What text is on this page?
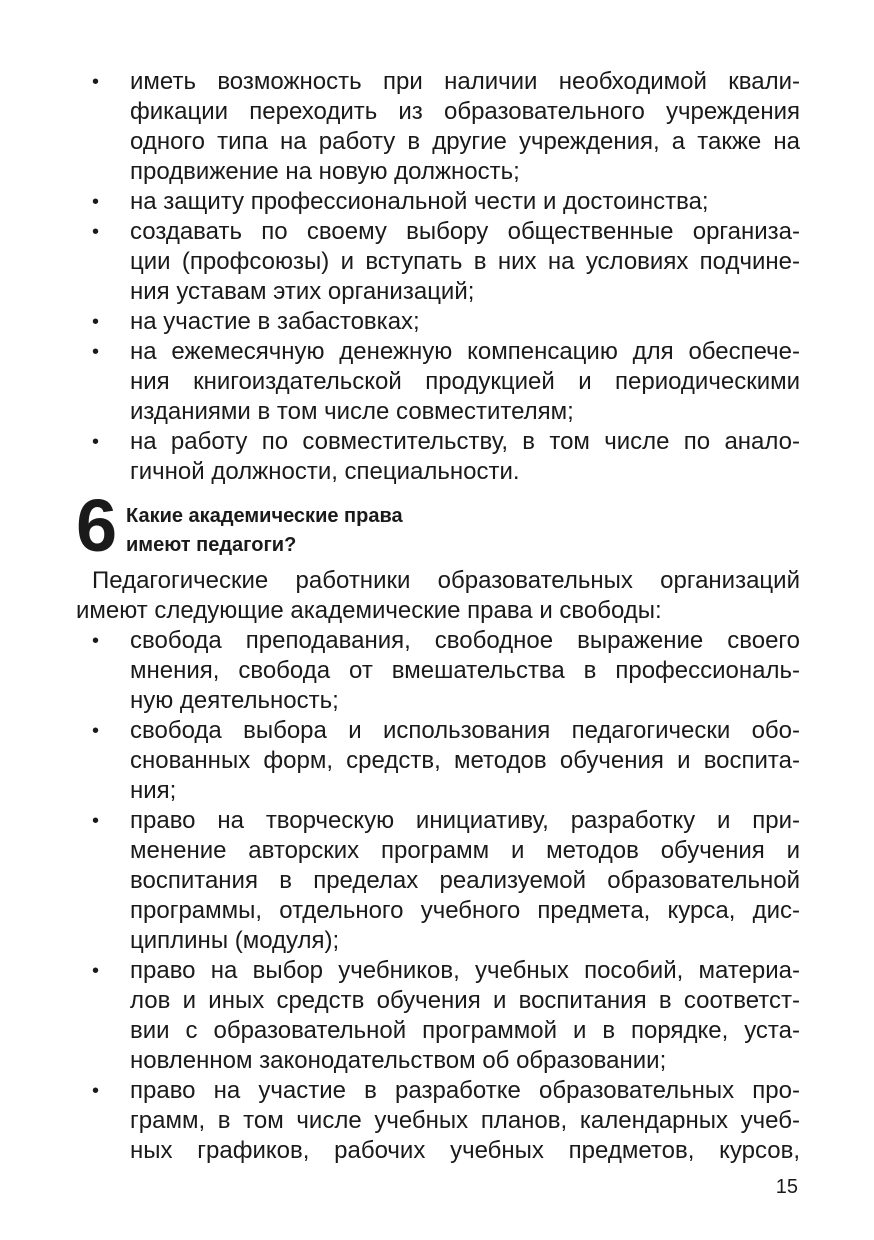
• иметь возможность при наличии необходимой квали-
фикации переходить из образовательного учреждения
одного типа на работу в другие учреждения, а также на
продвижение на новую должность;
• на защиту профессиональной чести и достоинства;
• создавать по своему выбору общественные организа-
ции (профсоюзы) и вступать в них на условиях подчине-
ния уставам этих организаций;
• на участие в забастовках;
• на ежемесячную денежную компенсацию для обеспече-
ния книгоиздательской продукцией и периодическими
изданиями в том числе совместителям;
• на работу по совместительству, в том числе по анало-
гичной должности, специальности.
6 Какие академические права
имеют педагоги?
Педагогические работники образовательных организаций
имеют следующие академические права и свободы:
• свобода преподавания, свободное выражение своего
мнения, свобода от вмешательства в профессиональ-
ную деятельность;
• свобода выбора и использования педагогически обо-
снованных форм, средств, методов обучения и воспита-
ния;
• право на творческую инициативу, разработку и при-
менение авторских программ и методов обучения и
воспитания в пределах реализуемой образовательной
программы, отдельного учебного предмета, курса, дис-
циплины (модуля);
• право на выбор учебников, учебных пособий, материа-
лов и иных средств обучения и воспитания в соответст-
вии с образовательной программой и в порядке, уста-
новленном законодательством об образовании;
• право на участие в разработке образовательных про-
грамм, в том числе учебных планов, календарных учеб-
ных графиков, рабочих учебных предметов, курсов,
15
